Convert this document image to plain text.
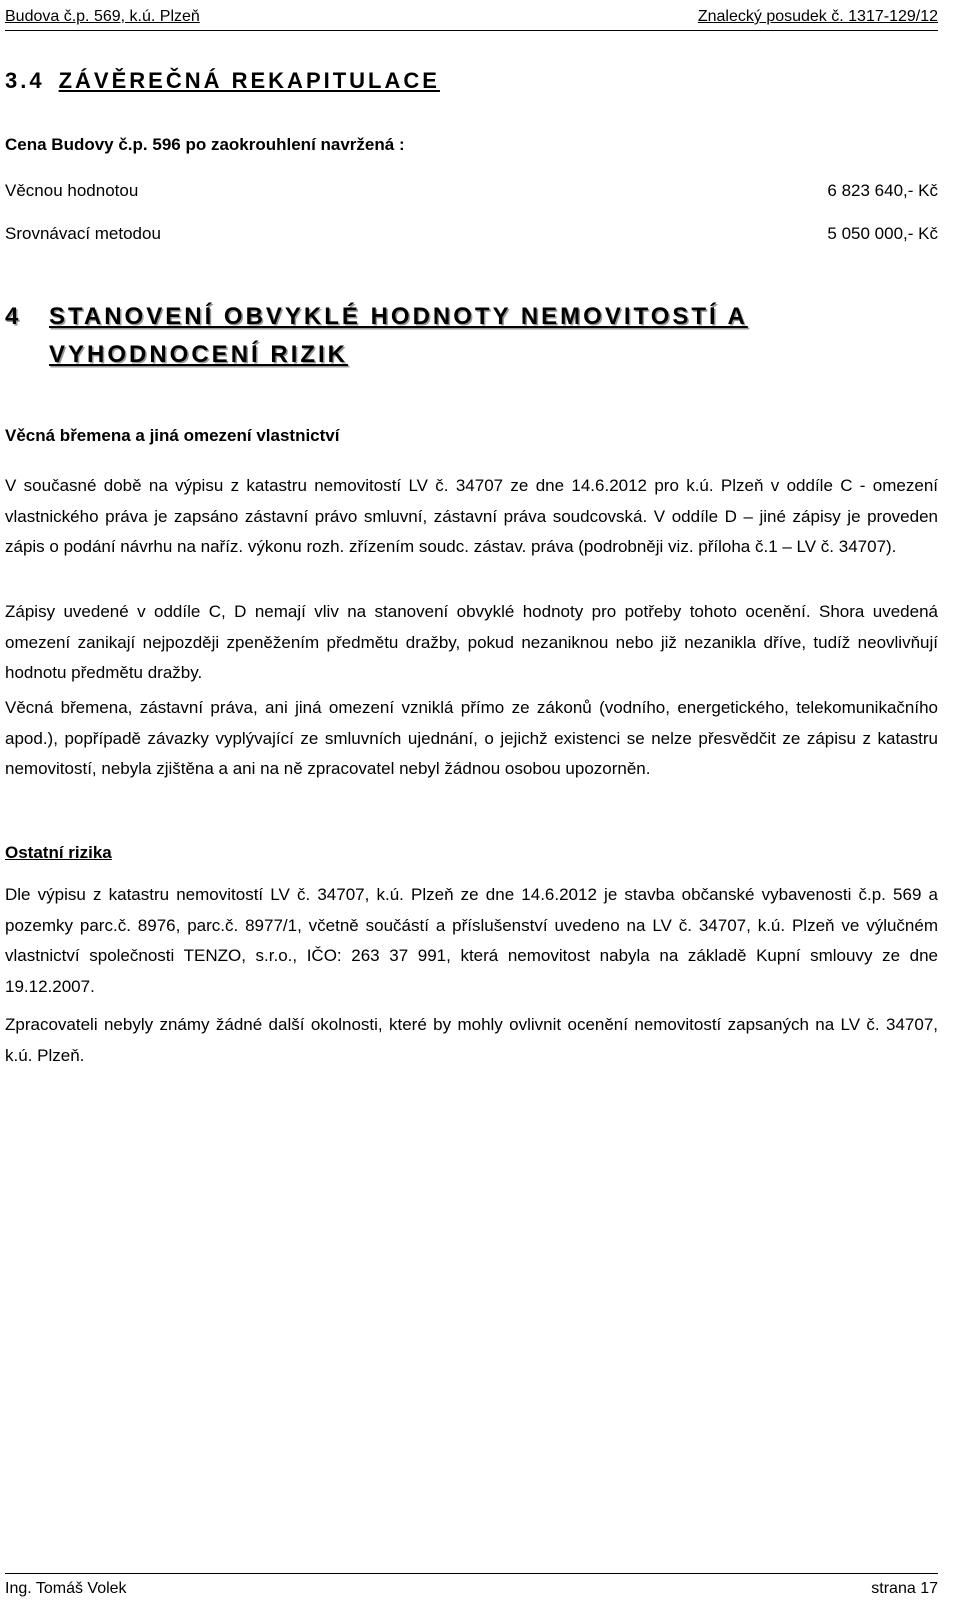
Budova č.p. 569, k.ú. Plzeň	Znalecký posudek č. 1317-129/12
3.4 ZÁVĚREČNÁ REKAPITULACE
Cena Budovy č.p. 596 po zaokrouhlení navržená :
Věcnou hodnotou	6 823 640,- Kč
Srovnávací metodou	5 050 000,- Kč
4 STANOVENÍ OBVYKLÉ HODNOTY NEMOVITOSTÍ A VYHODNOCENÍ RIZIK
Věcná břemena a jiná omezení vlastnictví
V současné době na výpisu z katastru nemovitostí LV č. 34707 ze dne 14.6.2012 pro k.ú. Plzeň v oddíle C - omezení vlastnického práva je zapsáno zástavní právo smluvní, zástavní práva soudcovská. V oddíle D – jiné zápisy je proveden zápis o podání návrhu na naříz. výkonu rozh. zřízením soudc. zástav. práva (podrobněji viz. příloha č.1 – LV č. 34707).
Zápisy uvedené v oddíle C, D nemají vliv na stanovení obvyklé hodnoty pro potřeby tohoto ocenění. Shora uvedená omezení zanikají nejpozději zpeněžením předmětu dražby, pokud nezaniknou nebo již nezanikla dříve, tudíž neovlivňují hodnotu předmětu dražby.
Věcná břemena, zástavní práva, ani jiná omezení vzniklá přímo ze zákonů (vodního, energetického, telekomunikačního apod.), popřípadě závazky vyplývající ze smluvních ujednání, o jejichž existenci se nelze přesvědčit ze zápisu z katastru nemovitostí, nebyla zjištěna a ani na ně zpracovatel nebyl žádnou osobou upozorněn.
Ostatní rizika
Dle výpisu z katastru nemovitostí LV č. 34707, k.ú. Plzeň ze dne 14.6.2012 je stavba občanské vybavenosti č.p. 569 a pozemky parc.č. 8976, parc.č. 8977/1, včetně součástí a příslušenství uvedeno na LV č. 34707, k.ú. Plzeň ve výlučném vlastnictví společnosti TENZO, s.r.o., IČO: 263 37 991, která nemovitost nabyla na základě Kupní smlouvy ze dne 19.12.2007.
Zpracovateli nebyly známy žádné další okolnosti, které by mohly ovlivnit ocenění nemovitostí zapsaných na LV č. 34707, k.ú. Plzeň.
Ing. Tomáš Volek	strana 17
